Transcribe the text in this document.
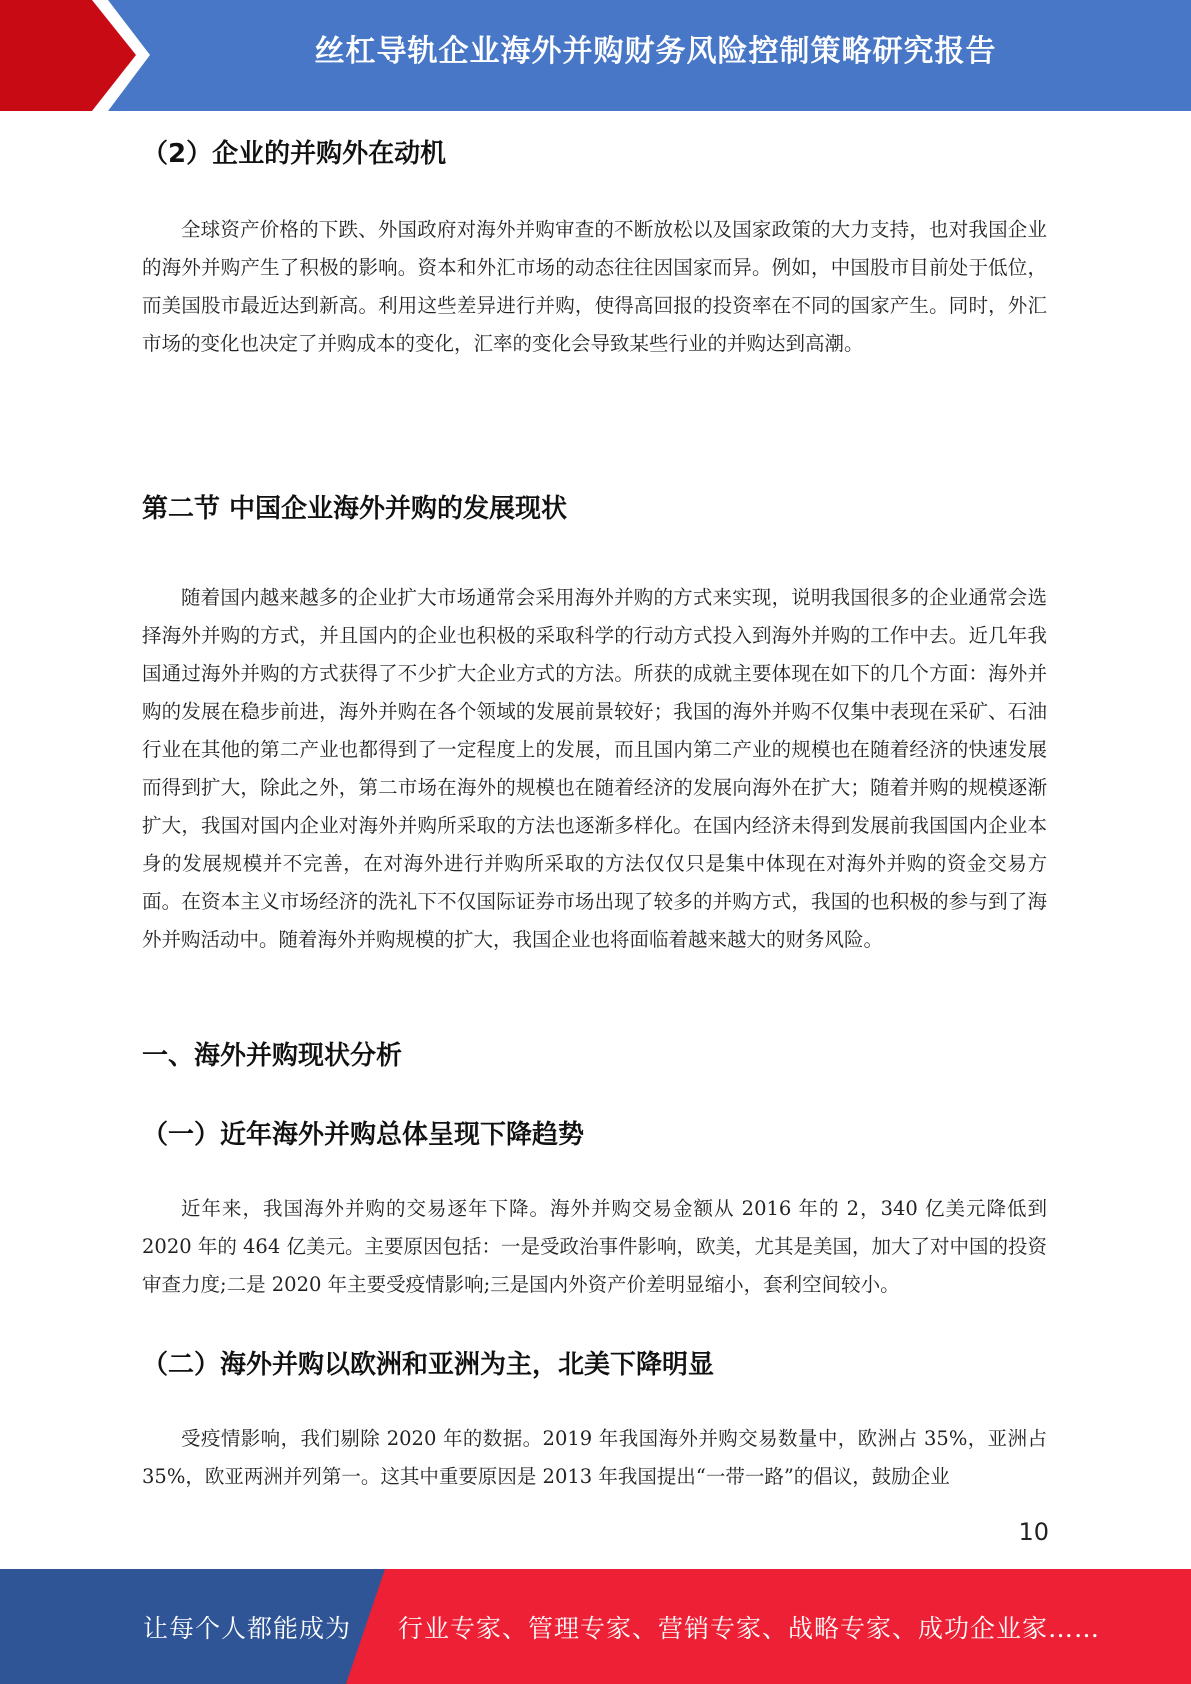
丝杠导轨企业海外并购财务风险控制策略研究报告
（2）企业的并购外在动机

全球资产价格的下跌、外国政府对海外并购审查的不断放松以及国家政策的大力支持，也对我国企业的海外并购产生了积极的影响。资本和外汇市场的动态往往因国家而异。例如，中国股市目前处于低位，而美国股市最近达到新高。利用这些差异进行并购，使得高回报的投资率在不同的国家产生。同时，外汇市场的变化也决定了并购成本的变化，汇率的变化会导致某些行业的并购达到高潮。

第二节 中国企业海外并购的发展现状

随着国内越来越多的企业扩大市场通常会采用海外并购的方式来实现，说明我国很多的企业通常会选择海外并购的方式，并且国内的企业也积极的采取科学的行动方式投入到海外并购的工作中去。近几年我国通过海外并购的方式获得了不少扩大企业方式的方法。所获的成就主要体现在如下的几个方面：海外并购的发展在稳步前进，海外并购在各个领域的发展前景较好；我国的海外并购不仅集中表现在采矿、石油行业在其他的第二产业也都得到了一定程度上的发展，而且国内第二产业的规模也在随着经济的快速发展而得到扩大，除此之外，第二市场在海外的规模也在随着经济的发展向海外在扩大；随着并购的规模逐渐扩大，我国对国内企业对海外并购所采取的方法也逐渐多样化。在国内经济未得到发展前我国国内企业本身的发展规模并不完善，在对海外进行并购所采取的方法仅仅只是集中体现在对海外并购的资金交易方面。在资本主义市场经济的洗礼下不仅国际证券市场出现了较多的并购方式，我国的也积极的参与到了海外并购活动中。随着海外并购规模的扩大，我国企业也将面临着越来越大的财务风险。

一、海外并购现状分析
（一）近年海外并购总体呈现下降趋势

近年来，我国海外并购的交易逐年下降。海外并购交易金额从 2016 年的 2，340 亿美元降低到 2020 年的 464 亿美元。主要原因包括：一是受政治事件影响，欧美，尤其是美国，加大了对中国的投资审查力度;二是 2020 年主要受疫情影响;三是国内外资产价差明显缩小，套利空间较小。

（二）海外并购以欧洲和亚洲为主，北美下降明显

受疫情影响，我们剔除 2020 年的数据。2019 年我国海外并购交易数量中，欧洲占 35%，亚洲占 35%，欧亚两洲并列第一。这其中重要原因是 2013 年我国提出“一带一路”的倡议，鼓励企业

10
让每个人都能成为 行业专家、管理专家、营销专家、战略专家、成功企业家……
